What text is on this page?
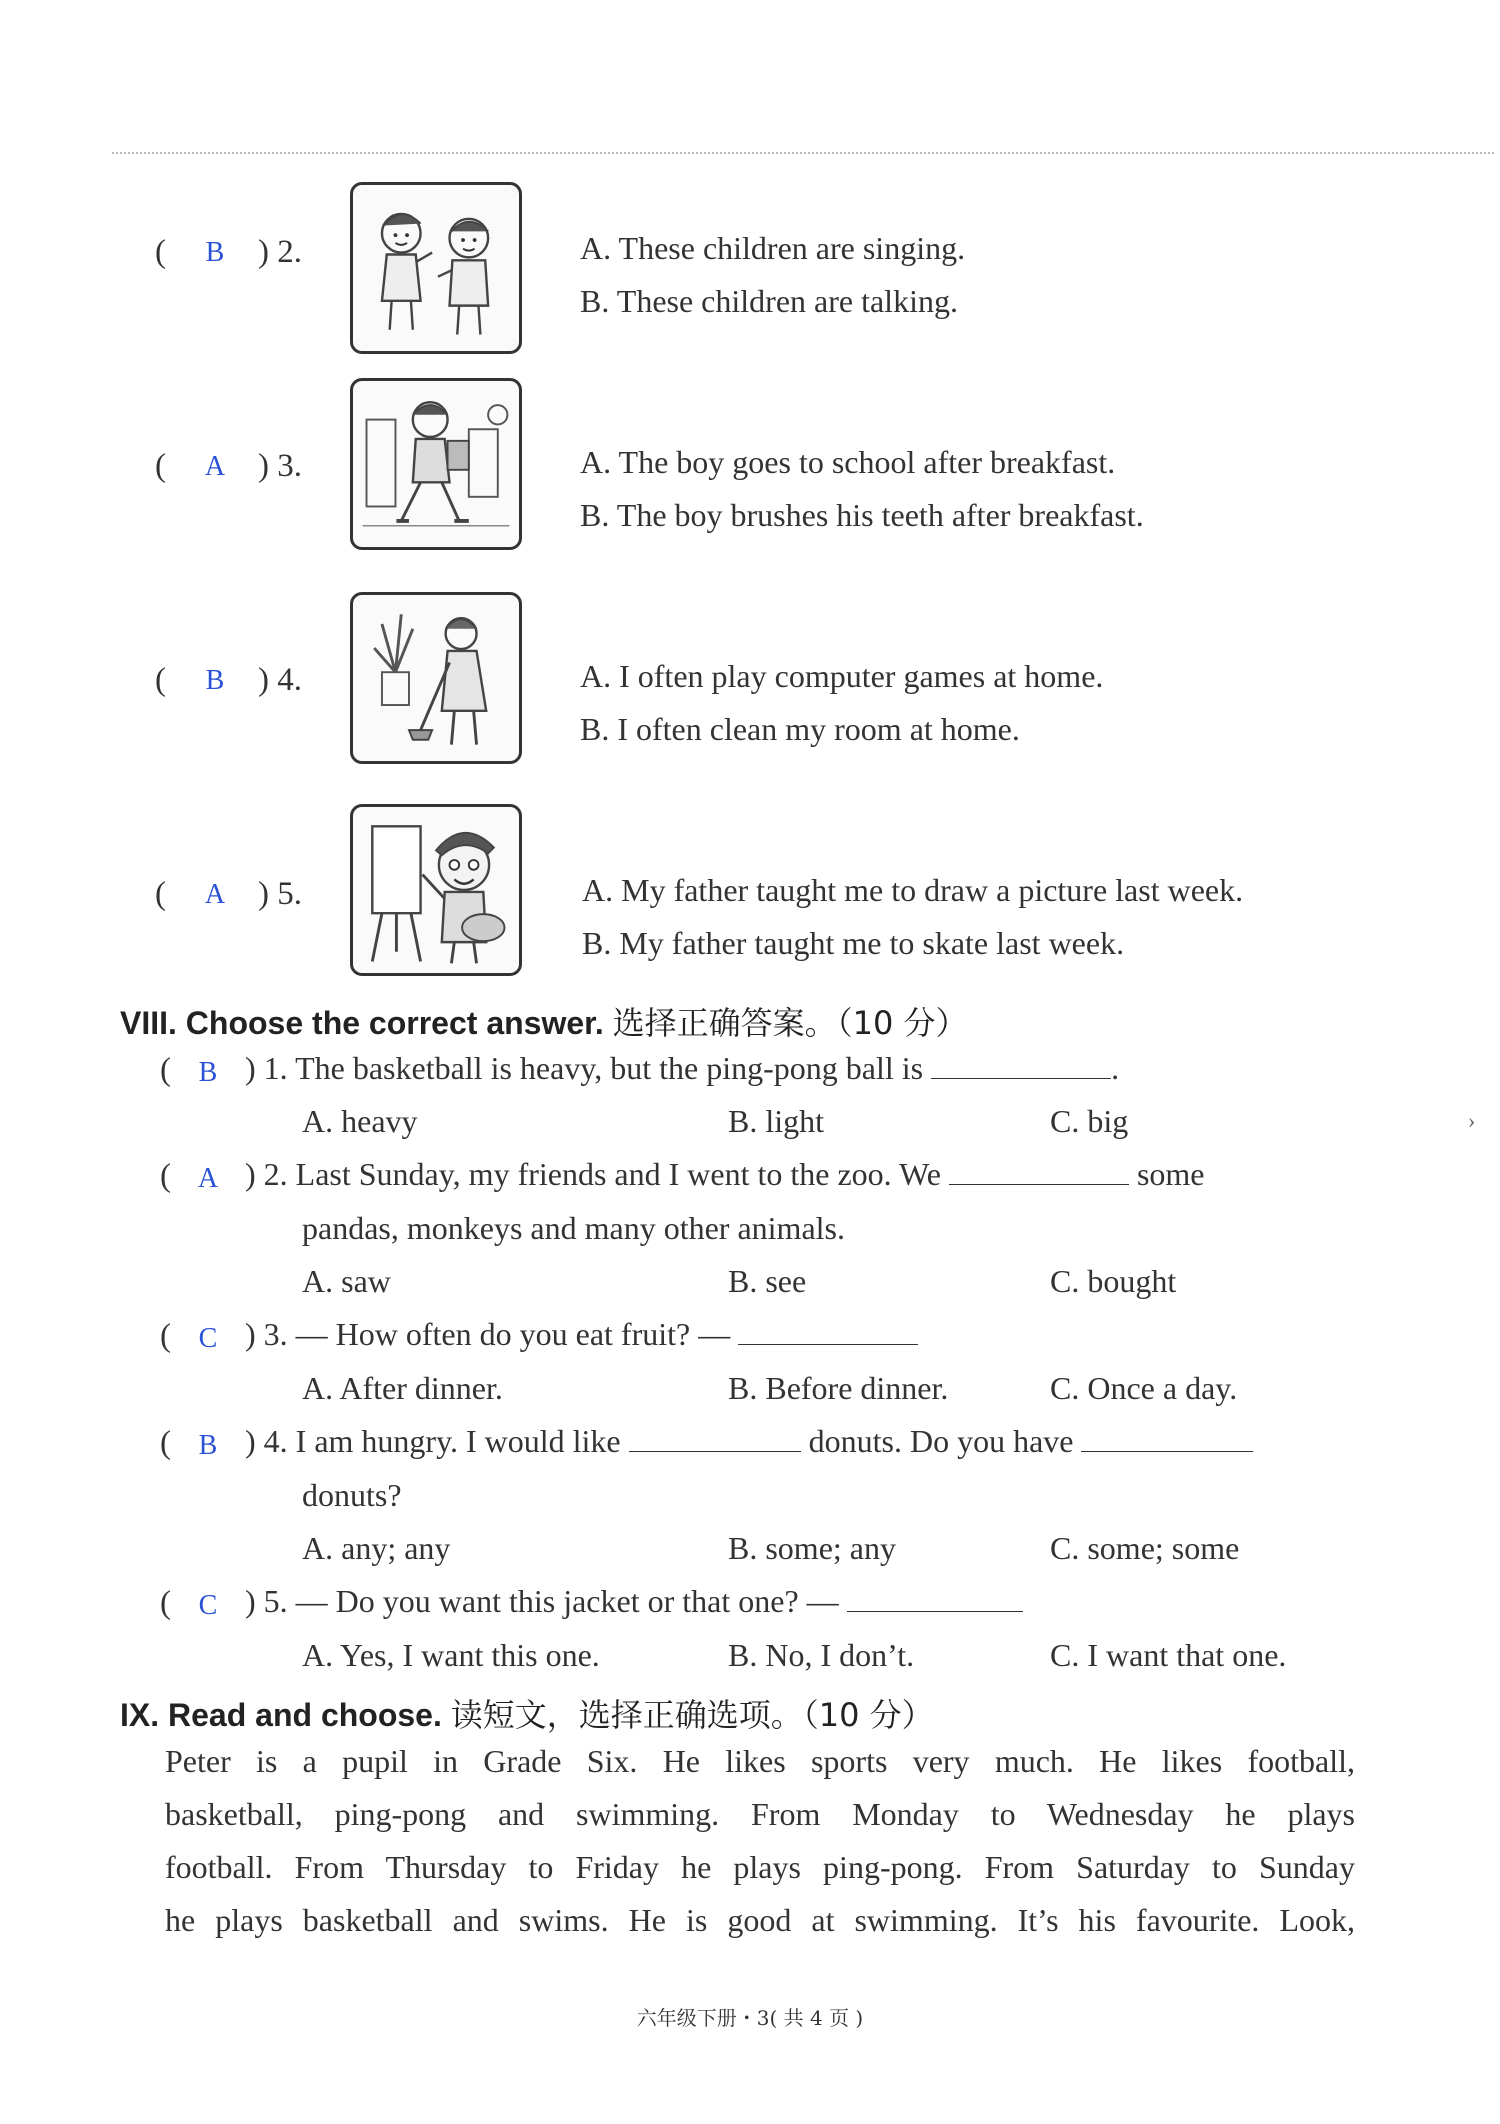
(	B	) 2.	A. These children are singing.
B. These children are talking.
(	A ) 3.	A. The boy goes to school after breakfast.
B. The boy brushes his teeth after breakfast.
(	B	) 4.	A. I often play computer games at home.
B. I often clean my room at home.
(	A ) 5.	A. My father taught me to draw a picture last week.
B. My father taught me to skate last week.
VIII. Choose the correct answer. 选择正确答案。（10 分）
( B ) 1. The basketball is heavy, but the ping-pong ball is	.
A. heavy	B. light	C. big
( A ) 2. Last Sunday, my friends and I went to the zoo. We	some
pandas, monkeys and many other animals.
A. saw	B. see	C. bought
( C ) 3. — How often do you eat fruit? —
A. After dinner.	B. Before dinner.	C. Once a day.
( B ) 4. I am hungry. I would like	donuts. Do you have
donuts?
A. any; any	B. some; any	C. some; some
( C ) 5. — Do you want this jacket or that one? —
A. Yes, I want this one.	B. No, I don’t.	C. I want that one.
IX. Read and choose. 读短文，选择正确选项。（10 分）
Peter is a pupil in Grade Six. He likes sports very much. He likes football,
basketball, ping-pong and swimming. From Monday to Wednesday he plays
football. From Thursday to Friday he plays ping-pong. From Saturday to Sunday
he plays basketball and swims. He is good at swimming. It’s his favourite. Look,
›
六年级下册・3( 共 4 页 )
